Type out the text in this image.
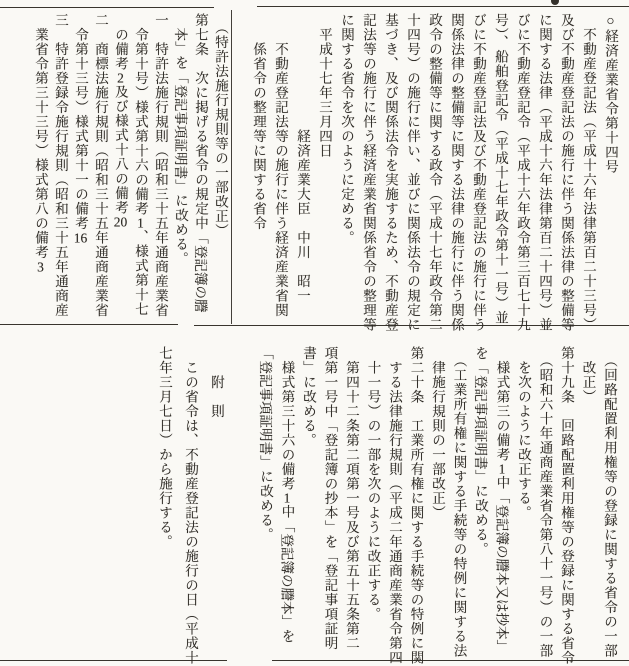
○経済産業省令第十四号
　不動産登記法（平成十六年法律第百二十三号）
及び不動産登記法の施行に伴う関係法律の整備等
に関する法律（平成十六年法律第百二十四号）並
びに不動産登記令（平成十六年政令第三百七十九
号）、船舶登記令（平成十七年政令第十一号）並
びに不動産登記法及び不動産登記法の施行に伴う
関係法律の整備等に関する法律の施行に伴う関係
政令の整備等に関する政令（平成十七年政令第二
十四号）の施行に伴い、並びに関係法令の規定に
基づき、及び関係法令を実施するため、不動産登
記法等の施行に伴う経済産業省関係省令の整理等
に関する省令を次のように定める。
　平成十七年三月四日
　　　　　　　　経済産業大臣　中川　昭一
　　不動産登記法等の施行に伴う経済産業省関
　　係省令の整理等に関する省令
　（特許法施行規則等の一部改正）
第七条　次に掲げる省令の規定中「登記簿の謄
　本」を「登記事項証明書」に改める。
一　特許法施行規則（昭和三十五年通商産業省
　令第十号）様式第十六の備考1、様式第十七
　の備考2及び様式十八の備考20
二　商標法施行規則（昭和三十五年通商産業省
　令第十三号）様式第十一の備考16
三　特許登録令施行規則（昭和三十五年通商産
　業省令第三十三号）様式第八の備考3
　（回路配置利用権等の登録に関する省令の一部
　改正）
第十九条　回路配置利用権等の登録に関する省令
　（昭和六十年通商産業省令第八十一号）の一部
　を次のように改正する。
　様式第三の備考1中「登記簿の謄本又は抄本」
を「登記事項証明書」に改める。
　（工業所有権に関する手続等の特例に関する法
　律施行規則の一部改正）
第二十条　工業所有権に関する手続等の特例に関
　する法律施行規則（平成二年通商産業省令第四
　十一号）の一部を次のように改正する。
　第四十二条第二項第一号及び第五十五条第二
項第一号中「登記簿の抄本」を「登記事項証明
書」に改める。
　様式第三十六の備考1中「登記簿の謄本」を
「登記事項証明書」に改める。
　　附　則
　この省令は、不動産登記法の施行の日（平成十
七年三月七日）から施行する。
